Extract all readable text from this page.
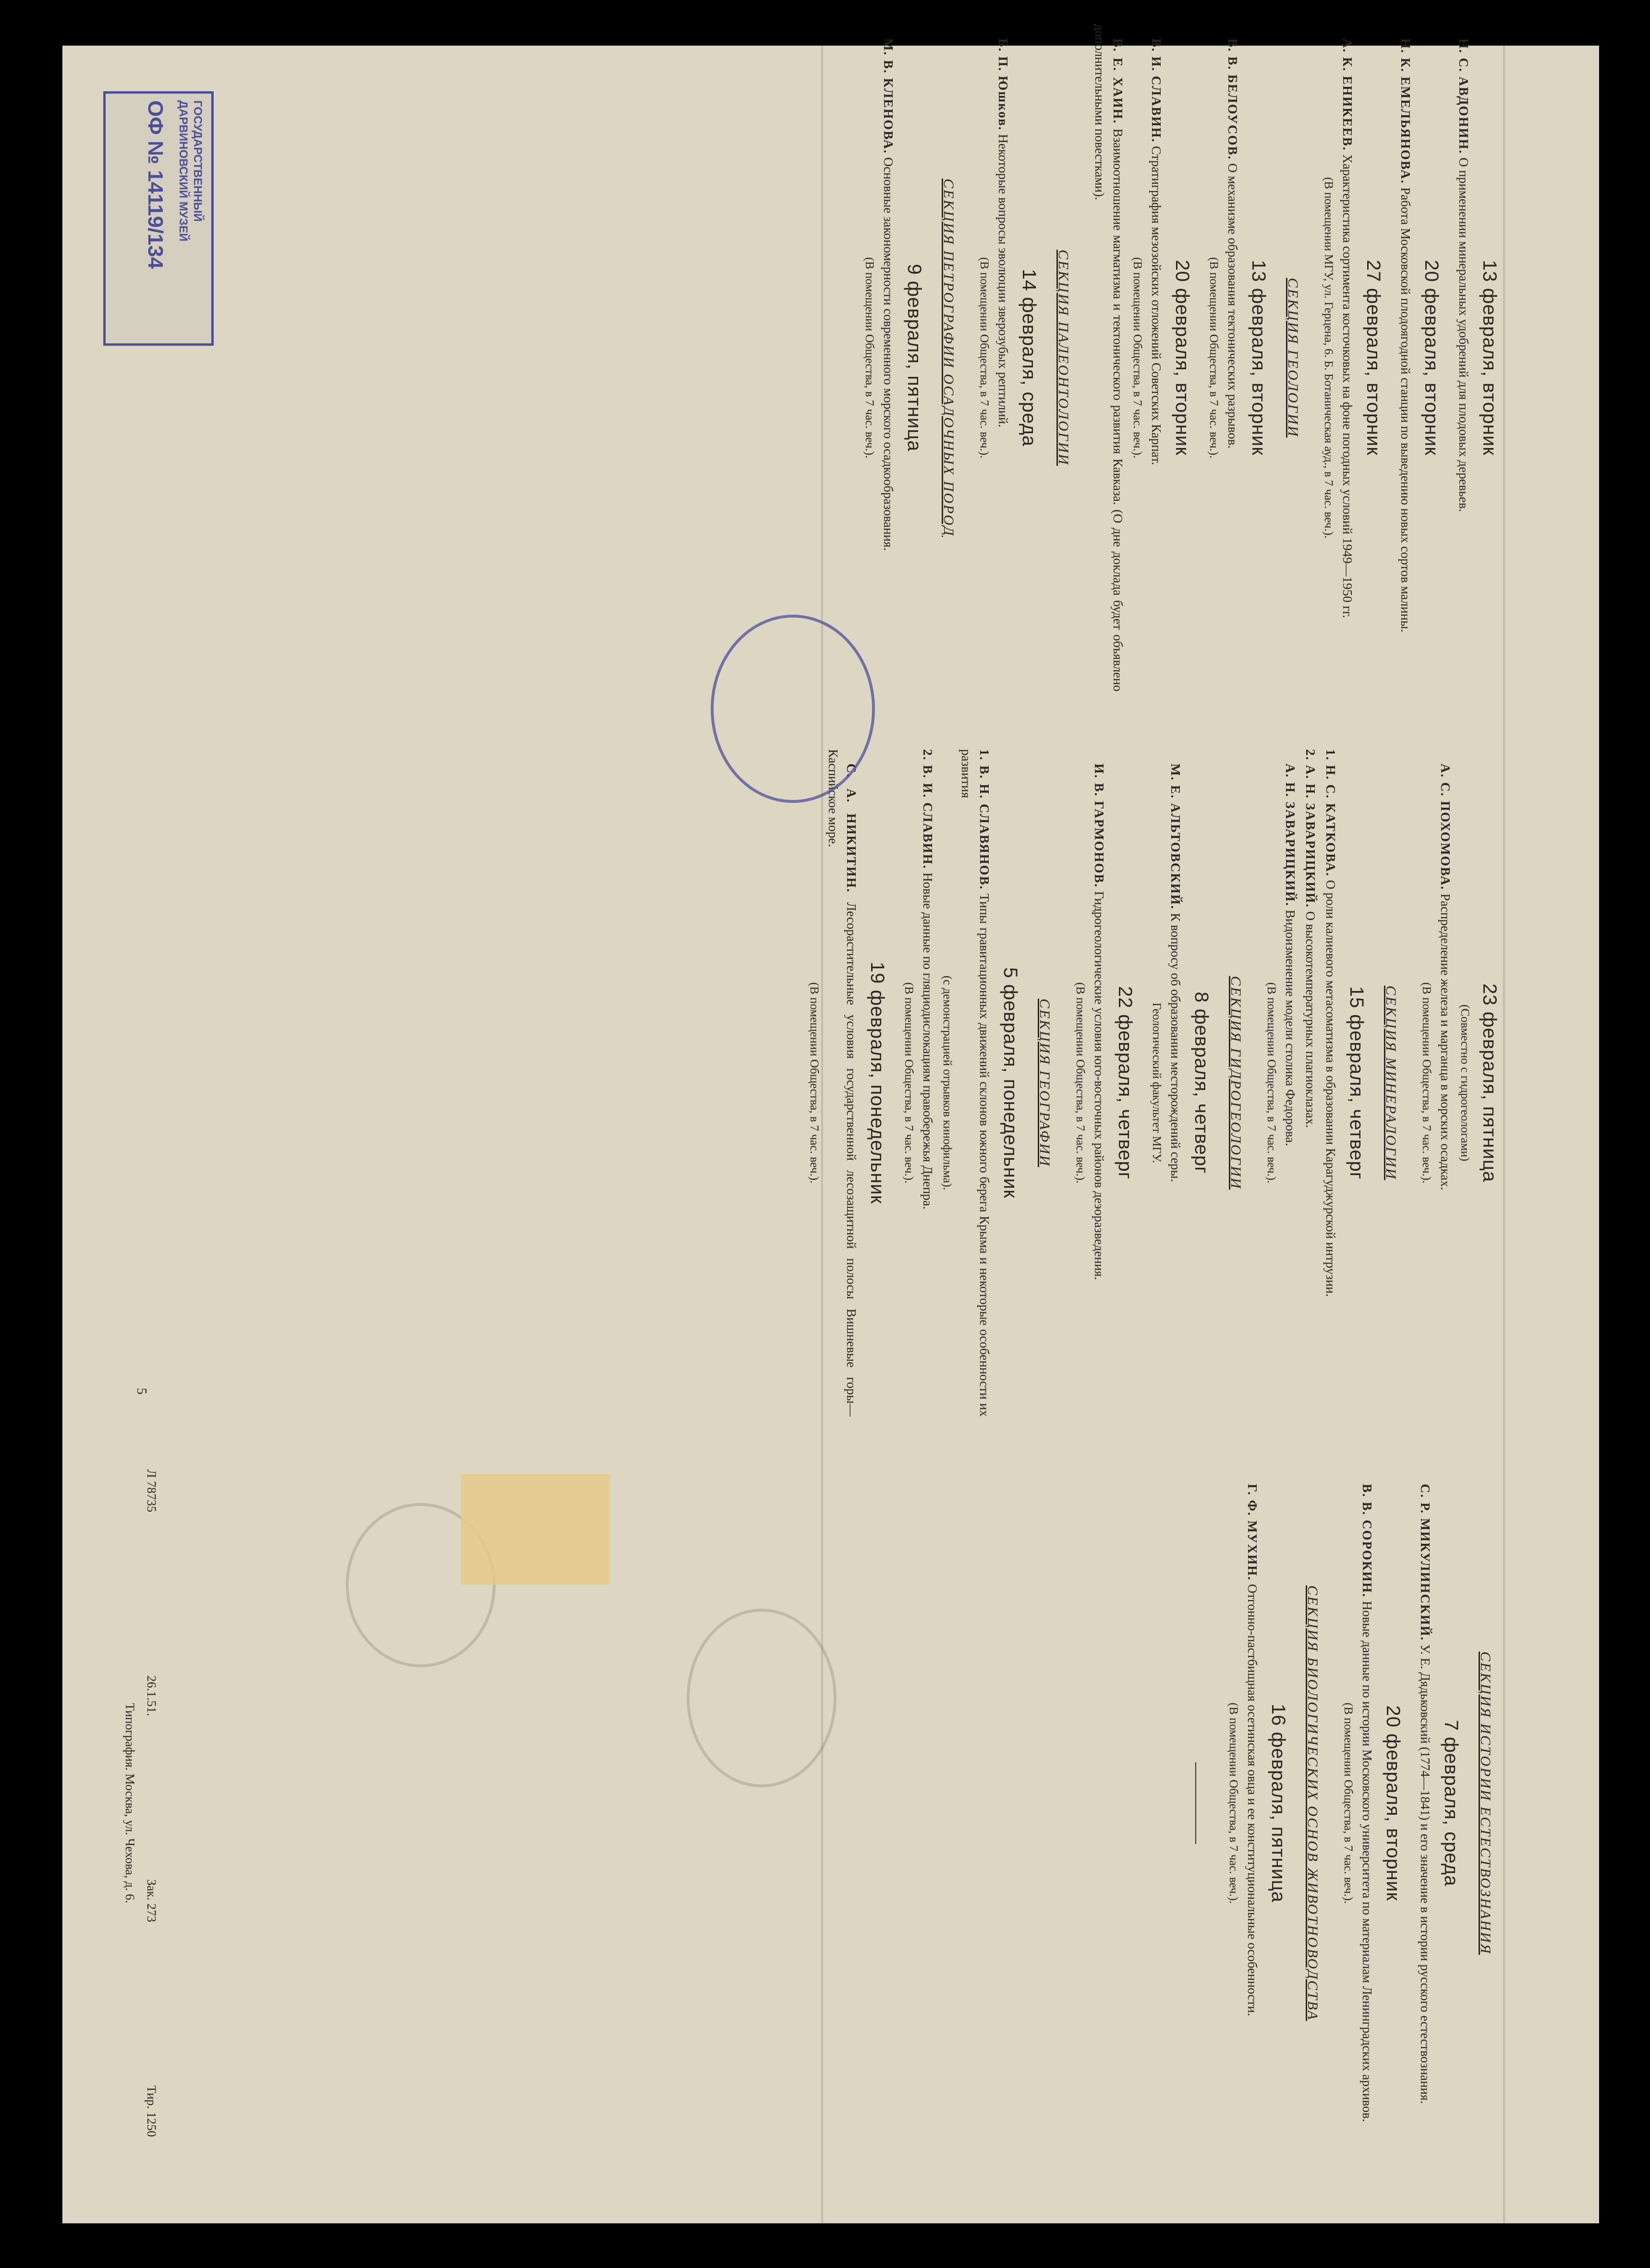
13 февраля, вторник
Н. С. АВДОНИН. О применении минеральных удобрений для плодовых деревьев.
20 февраля, вторник
Н. К. ЕМЕЛЬЯНОВА. Работа Московской плодоягодной станции по выведению новых сортов малины.
27 февраля, вторник
А. К. ЕНИКЕЕВ. Характеристика сортимента косточковых на фоне погодных условий 1949—1950 гг.
(В помещении МГУ, ул. Герцена, 6. Б. Ботаническая ауд., в 7 час. веч.).
СЕКЦИЯ ГЕОЛОГИИ
13 февраля, вторник
В. В. БЕЛОУСОВ. О механизме образования тектонических разрывов.
(В помещении Общества, в 7 час. веч.).
20 февраля, вторник
В. И. СЛАВИН. Стратиграфия мезозойских отложений Советских Карпат.
(В помещении Общества, в 7 час. веч.).
В. Е. ХАИН. Взаимоотношение магматизма и тектонического развития Кавказа. (О дне доклада будет объявлено дополнительными повестками).
СЕКЦИЯ ПАЛЕОНТОЛОГИИ
14 февраля, среда
Б. П. Юшков. Некоторые вопросы эволюции зверозубых рептилий.
(В помещении Общества, в 7 час. веч.).
СЕКЦИЯ ПЕТРОГРАФИИ ОСАДОЧНЫХ ПОРОД
9 февраля, пятница
М. В. КЛЕНОВА. Основные закономерности современного морского осадкообразования.
(В помещении Общества, в 7 час. веч.).
23 февраля, пятница
(Совместно с гидрогеологами)
А. С. ПОХОМОВА. Распределение железа и марганца в морских осадках.
(В помещении Общества, в 7 час. веч.).
СЕКЦИЯ МИНЕРАЛОГИИ
15 февраля, четверг
1. Н. С. КАТКОВА. О роли калиевого метасоматизма в образовании Карагуджурской интрузии.
2. А. Н. ЗАВАРИЦКИЙ. О высокотемпературных плагиоклазах.
А. Н. ЗАВАРИЦКИЙ. Видоизменение модели столика Федорова.
(В помещении Общества, в 7 час. веч.).
СЕКЦИЯ ГИДРОГЕОЛОГИИ
8 февраля, четверг
М. Е. АЛЬТОВСКИЙ. К вопросу об образовании месторождений серы.
Геологический факультет МГУ.
22 февраля, четверг
И. В. ГАРМОНОВ. Гидрогеологические условия юго-восточных районов деэоразведения.
(В помещении Общества, в 7 час. веч.).
СЕКЦИЯ ГЕОГРАФИИ
5 февраля, понедельник
1. В. Н. СЛАВЯНОВ. Типы гравитационных движений склонов южного берега Крыма и некоторые особенности их развития
(с демонстрацией отрывков кинофильма).
2. В. И. СЛАВИН. Новые данные по гляциодислокациям правобережья Днепра.
(В помещении Общества, в 7 час. веч.).
19 февраля, понедельник
С. А. НИКИТИН. Лесорастительные условия государственной лесозащитной полосы Вишневые горы—Каспийское море.
(В помещении Общества, в 7 час. веч.).
СЕКЦИЯ ИСТОРИИ ЕСТЕСТВОЗНАНИЯ
7 февраля, среда
С. Р. МИКУЛИНСКИЙ. У. Е. Дядьковский (1774—1841) и его значение в истории русского естествознания.
20 февраля, вторник
В. В. СОРОКИН. Новые данные по истории Московского университета по материалам Ленинградских архивов.
(В помещении Общества, в 7 час. веч.).
СЕКЦИЯ БИОЛОГИЧЕСКИХ ОСНОВ ЖИВОТНОВОДСТВА
16 февраля, пятница
Г. Ф. МУХИН. Отгонно-пастбищная осетинская овца и ее конституциональные особенности.
(В помещении Общества, в 7 час. веч.).
5
Л 78735
26.1.51.
Зак. 273
Тир. 1250
Типография. Москва, ул. Чехова, д. 6.
ГОСУДАРСТВЕННЫЙ
ДАРВИНОВСКИЙ МУЗЕЙ
ОФ № 14119/134
